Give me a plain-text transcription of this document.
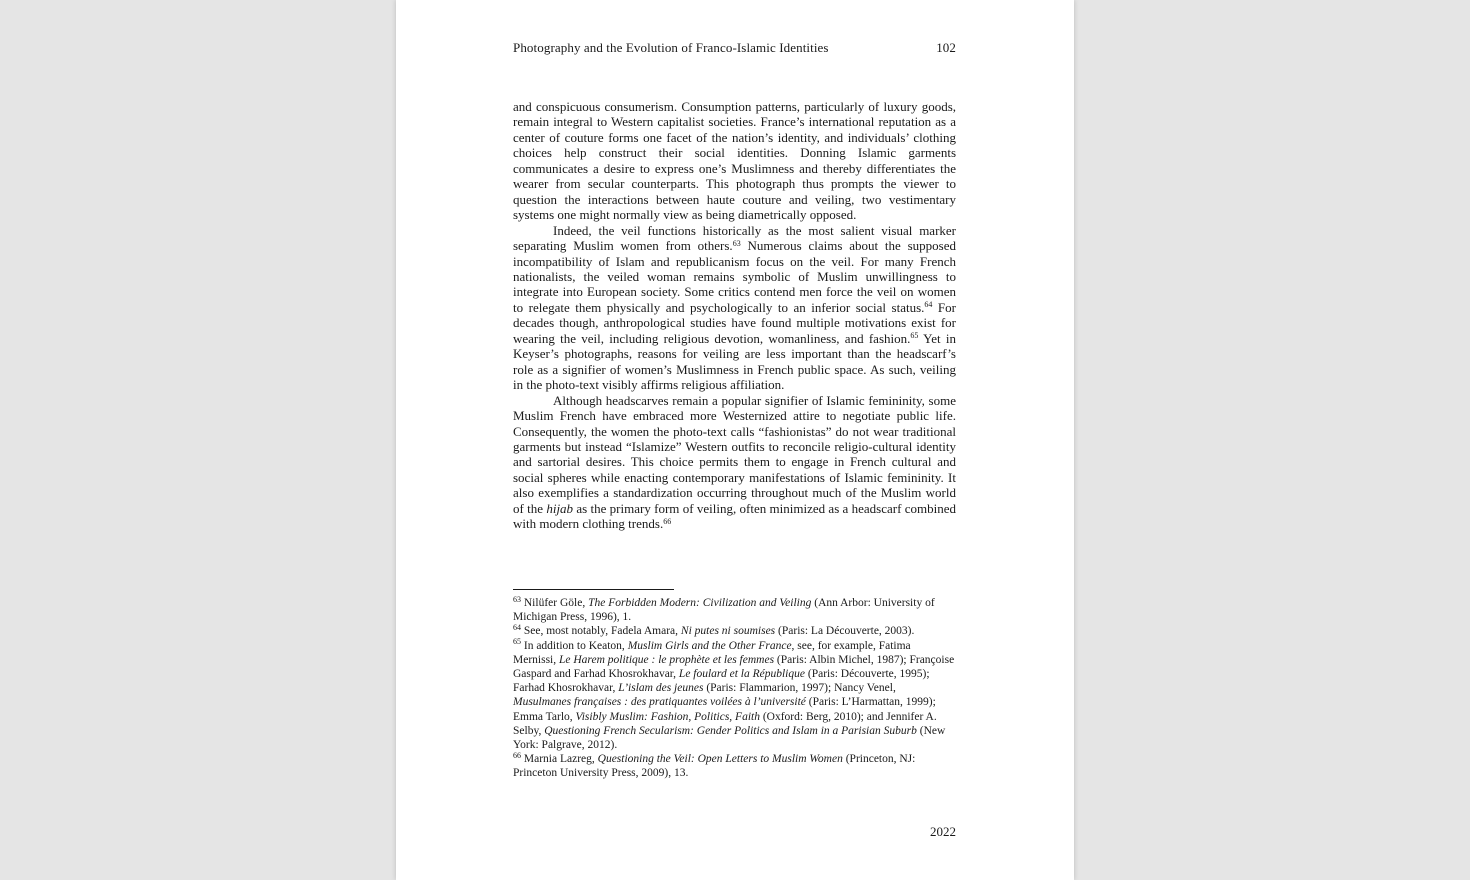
Photography and the Evolution of Franco-Islamic Identities	102

and conspicuous consumerism. Consumption patterns, particularly of luxury goods, remain integral to Western capitalist societies. France’s international reputation as a center of couture forms one facet of the nation’s identity, and individuals’ clothing choices help construct their social identities. Donning Islamic garments communicates a desire to express one’s Muslimness and thereby differentiates the wearer from secular counterparts. This photograph thus prompts the viewer to question the interactions between haute couture and veiling, two vestimentary systems one might normally view as being diametrically opposed.

Indeed, the veil functions historically as the most salient visual marker separating Muslim women from others.$^{63}$ Numerous claims about the supposed incompatibility of Islam and republicanism focus on the veil. For many French nationalists, the veiled woman remains symbolic of Muslim unwillingness to integrate into European society. Some critics contend men force the veil on women to relegate them physically and psychologically to an inferior social status.$^{64}$ For decades though, anthropological studies have found multiple motivations exist for wearing the veil, including religious devotion, womanliness, and fashion.$^{65}$ Yet in Keyser’s photographs, reasons for veiling are less important than the headscarf’s role as a signifier of women’s Muslimness in French public space. As such, veiling in the photo-text visibly affirms religious affiliation.

Although headscarves remain a popular signifier of Islamic femininity, some Muslim French have embraced more Westernized attire to negotiate public life. Consequently, the women the photo-text calls “fashionistas” do not wear traditional garments but instead “Islamize” Western outfits to reconcile religio-cultural identity and sartorial desires. This choice permits them to engage in French cultural and social spheres while enacting contemporary manifestations of Islamic femininity. It also exemplifies a standardization occurring throughout much of the Muslim world of the hijab as the primary form of veiling, often minimized as a headscarf combined with modern clothing trends.$^{66}$

$^{63}$ Nilüfer Göle, The Forbidden Modern: Civilization and Veiling (Ann Arbor: University of Michigan Press, 1996), 1.
$^{64}$ See, most notably, Fadela Amara, Ni putes ni soumises (Paris: La Découverte, 2003).
$^{65}$ In addition to Keaton, Muslim Girls and the Other France, see, for example, Fatima Mernissi, Le Harem politique : le prophète et les femmes (Paris: Albin Michel, 1987); Françoise Gaspard and Farhad Khosrokhavar, Le foulard et la République (Paris: Découverte, 1995); Farhad Khosrokhavar, L’islam des jeunes (Paris: Flammarion, 1997); Nancy Venel, Musulmanes françaises : des pratiquantes voilées à l’université (Paris: L’Harmattan, 1999); Emma Tarlo, Visibly Muslim: Fashion, Politics, Faith (Oxford: Berg, 2010); and Jennifer A. Selby, Questioning French Secularism: Gender Politics and Islam in a Parisian Suburb (New York: Palgrave, 2012).
$^{66}$ Marnia Lazreg, Questioning the Veil: Open Letters to Muslim Women (Princeton, NJ: Princeton University Press, 2009), 13.
2022
